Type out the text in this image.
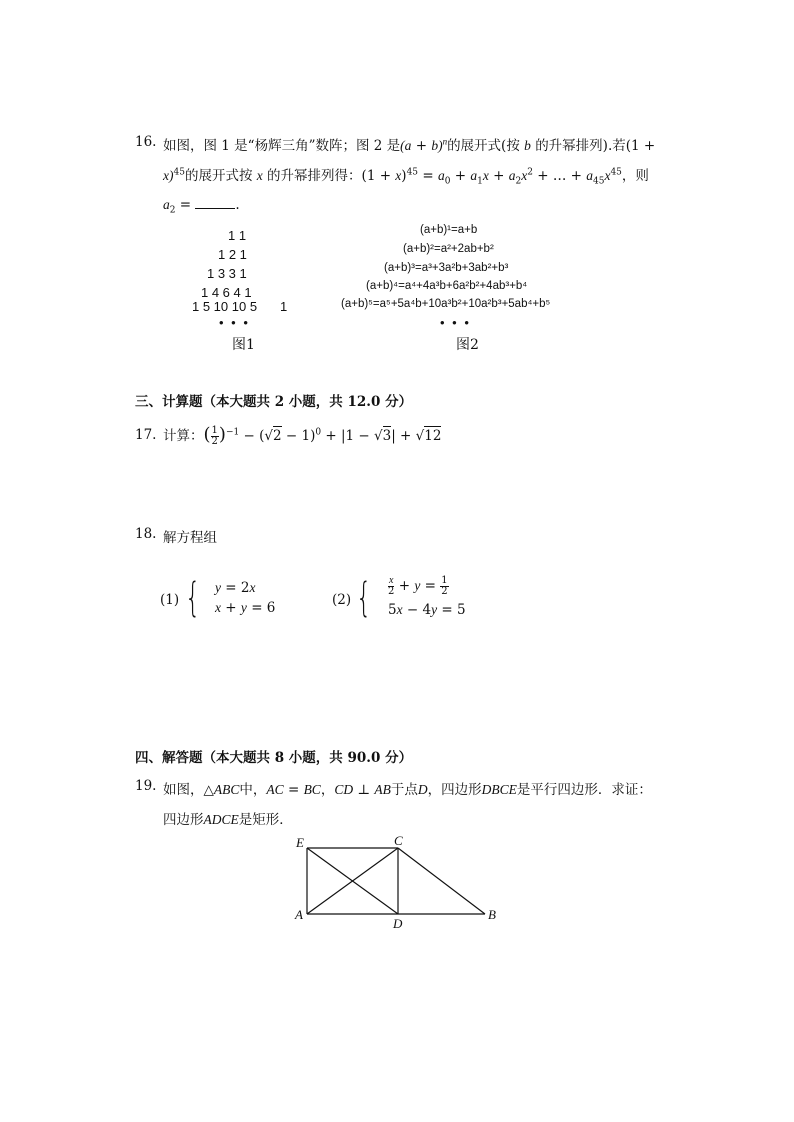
16. 如图，图 1 是“杨辉三角”数阵；图 2 是$(a + b)^n$的展开式(按 b 的升幂排列).若(1 +
x)$^{45}$的展开式按 x 的升幂排列得：$(1 + x)^{45} = a_0 + a_1x + a_2x^2$ + … + $a_{45}x^{45}$，则
$a_2$ =	.
1 1
1 2 1
1 3 3 1
1 4 6 4 1
1 5 10 10 5 1
• • •
图1
(a+b)¹=a+b
(a+b)²=a²+2ab+b²
(a+b)³=a³+3a²b+3ab²+b³
(a+b)⁴=a⁴+4a³b+6a²b²+4ab³+b⁴
(a+b)⁵=a⁵+5a⁴b+10a³b²+10a²b³+5ab⁴+b⁵
• • •
图2
三、计算题（本大题共 2 小题，共 12.0 分）
17. 计算：( $\frac{1}{2} )^{-1} - (√2 - 1)^0 + |1 - √3| + √12$
18. 解方程组
(1) { y = 2x
x + y = 6	(2) { $\frac{x}{2} + y = \frac{1}{2}$
5x − 4y = 5
四、解答题（本大题共 8 小题，共 90.0 分）
19. 如图，△ABC中，AC = BC，CD ⊥ AB于点D，四边形DBCE是平行四边形．求证：
四边形ADCE是矩形．
E	C
A
D
B
